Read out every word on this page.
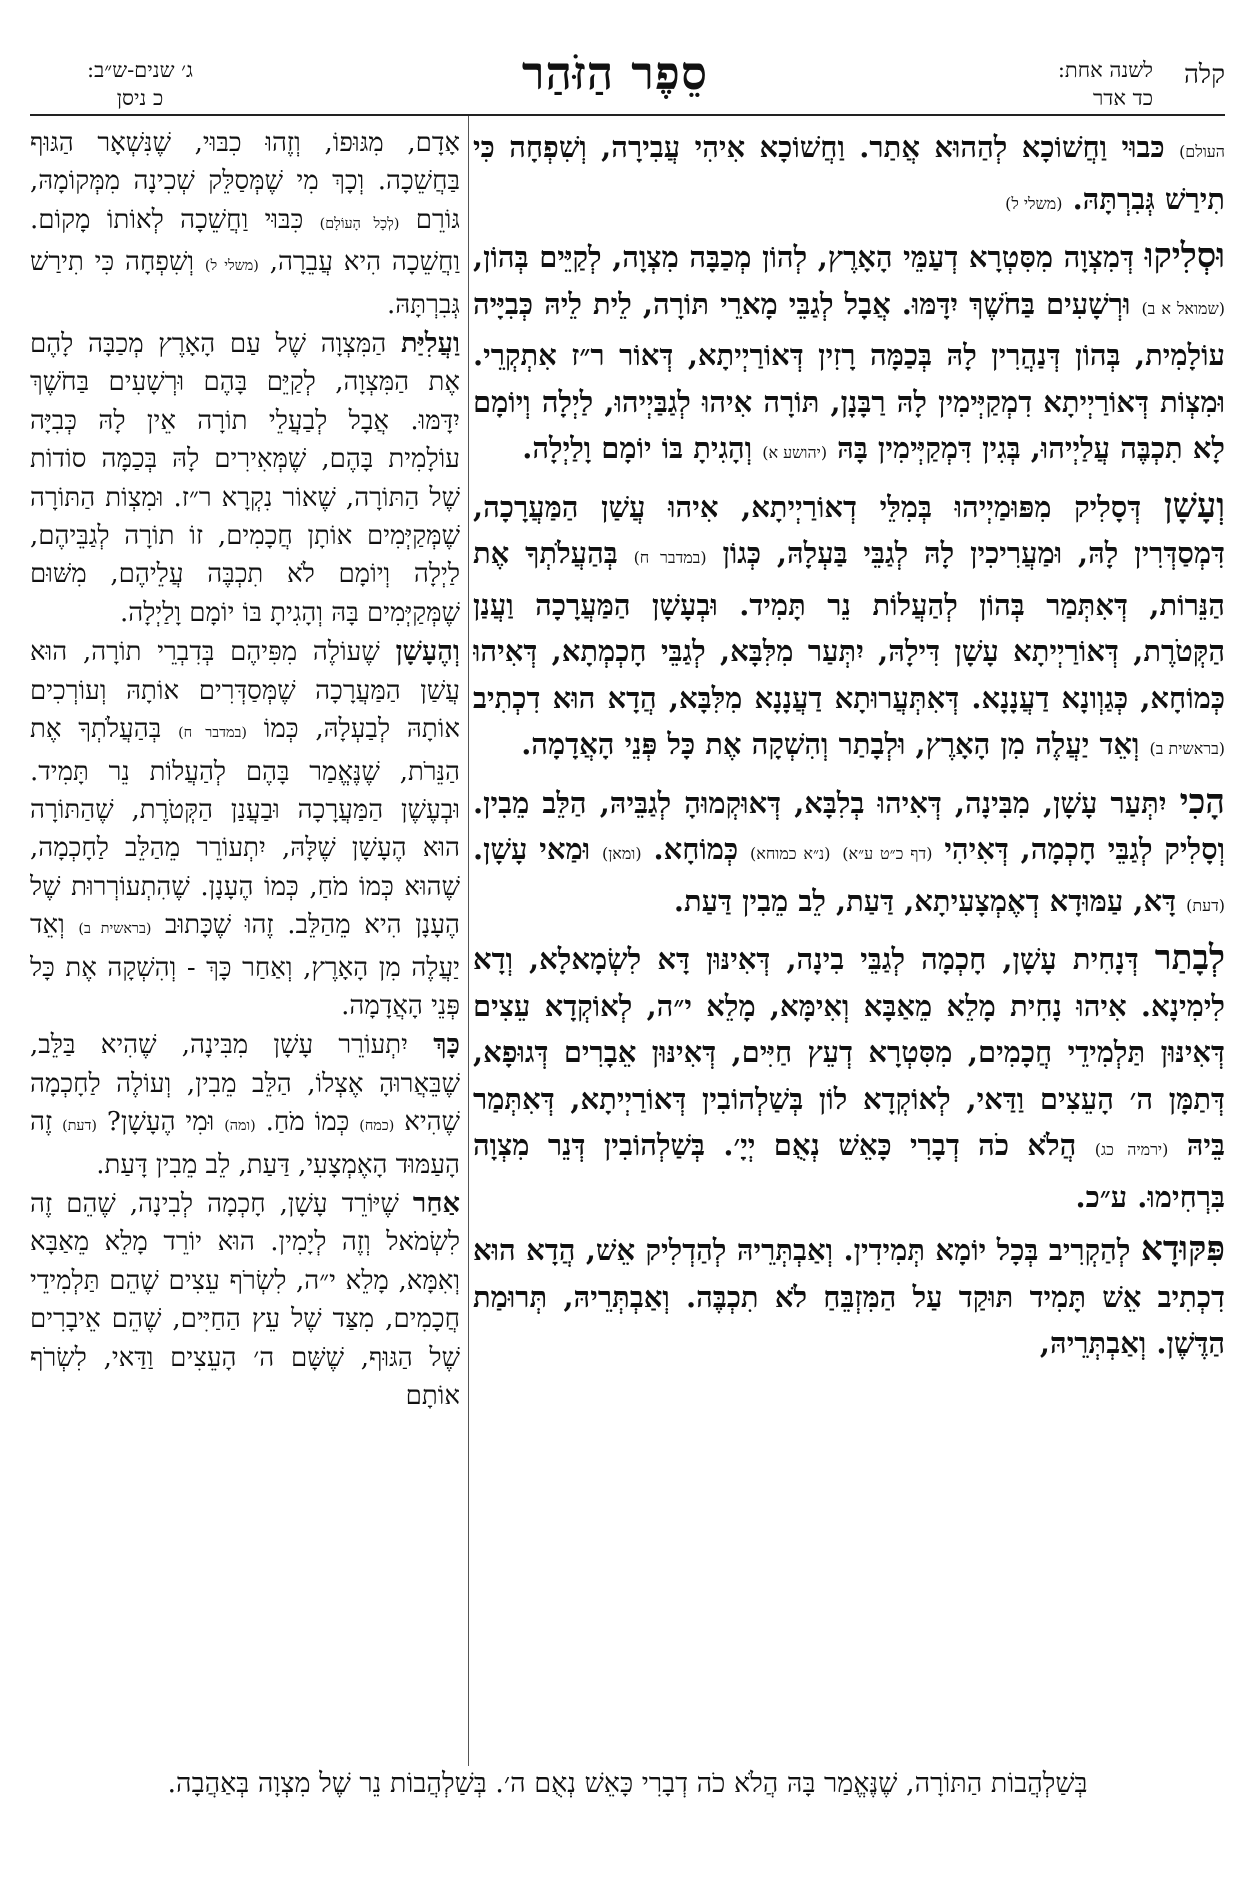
קלה
לשנה אחת:
כד אדר
סֵפֶר הַזֹּהַר
ג׳ שנים-ש״ב:
כ ניסן

העולם) כּבוּי וַחֲשׁוֹכָא לְהַהוּא אֲתַר. וַחֲשׁוֹכָא אִיהִי עֲבִירָה, וְשִׁפְחָה כִּי תִירַשׁ גְּבִרְתָּהּ. (משלי ל)

וּסְלִיקוּ דְּמִצְוָה מִסִּטְרָא דְעַמֵּי הָאָרֶץ, לְהוֹן מְכַבָּה מִצְוָה, לְקַיֵּים בְּהוֹן, (שמואל א ב) וּרְשָׁעִים בַּחֹשֶׁךְ יִדָּמּוּ. אֲבָל לְגַבֵּי מָארֵי תּוֹרָה, לֵית לֵיהּ כְּבִיָּיה עוֹלָמִית, בְּהוֹן דְּנַהֲרִין לָהּ בְּכַמָּה רָזִין דְּאוֹרַיְיתָא, דְּאוֹר ר״ז אִתְקְרֵי. וּמִצְוֹת דְּאוֹרַיְיתָא דִמְקַיְּימִין לָהּ רַבָּנָן, תּוֹרָה אִיהוּ לְגַבַּיְיהוּ, לַיְלָה וְיוֹמָם לָא תִכְבֶּה עֲלַיְיהוּ, בְּגִין דִּמְקַיְּימִין בָּהּ (יהושע א) וְהָגִיתָ בּוֹ יוֹמָם וָלַיְלָה.

וְעָשָׁן דְּסָלִיק מִפּוּמַיְיהוּ בְּמִלֵּי דְאוֹרַיְיתָא, אִיהוּ עֲשַׁן הַמַּעֲרָכָה, דִּמְסַדְּרִין לָהּ, וּמַעֲרִיכִין לָהּ לְגַבֵּי בַּעְלָהּ, כְּגוֹן (במדבר ח) בְּהַעֲלֹתְךָ אֶת הַנֵּרוֹת, דְּאִתְּמַר בְּהוֹן לְהַעֲלוֹת נֵר תָּמִיד. וּבְעָשָׁן הַמַּעֲרָכָה וַעֲנַן הַקְּטֹרֶת, דְּאוֹרַיְיתָא עָשָׁן דִּילָהּ, יִתְּעַר מִלִּבָּא, לְגַבֵּי חָכְמְתָא, דְּאִיהוּ כְּמוֹחָא, כְּגַוְונָא דַעֲנָנָא. דְּאִתְּעֲרוּתָא דַעֲנָנָא מִלִּבָּא, הֲדָא הוּא דִכְתִיב (בראשית ב) וְאֵד יַעֲלֶה מִן הָאָרֶץ, וּלְבָתַר וְהִשְׁקָה אֶת כָּל פְּנֵי הָאֲדָמָה.

הָכִי יִתְּעַר עָשָׁן, מִבִּינָה, דְּאִיהוּ בְלִבָּא, דְּאוּקְמוּהָ לְגַבֵּיהּ, הַלֵּב מֵבִין. וְסָלִיק לְגַבֵּי חָכְמָה, דְּאִיהִי (דף כ״ט ע״א) (נ״א כמוחא) כְּמוֹחָא. (ומאן) וּמַאי עָשָׁן. (דעת) דָּא, עַמּוּדָא דְאֶמְצָעִיתָא, דַּעַת, לֵב מֵבִין דַּעַת.

לְבָתַר דְּנָחִית עָשָׁן, חָכְמָה לְגַבֵּי בִינָה, דְּאִינּוּן דָּא לִשְׂמָאלָא, וְדָא לִימִינָא. אִיהוּ נָחִית מָלֵא מֵאַבָּא וְאִימָּא, מָלֵא י״ה, לְאוֹקְדָא עֵצִים דְּאִינּוּן תַּלְמִידֵי חֲכָמִים, מִסִּטְרָא דְעֵץ חַיִּים, דְּאִינּוּן אֵבָרִים דְּגוּפָא, דְּתַמָּן ה׳ הָעֵצִים וַדַּאי, לְאוֹקְדָא לוֹן בְּשַׁלְהוֹבִין דְּאוֹרַיְיתָא, דְּאִתְּמַר בֵּיהּ (ירמיה כג) הֲלֹא כֹה דְבָרִי כָּאֵשׁ נְאֻם יְיָ׳. בְּשַׁלְהוֹבִין דְּנֵר מִצְוָה בִּרְחִימוּ. ע״כ.

פִּקּוּדָא לְהַקְרִיב בְּכָל יוֹמָא תְּמִידִין. וְאַבְתְּרֵיהּ לְהַדְלִיק אֵשׁ, הֲדָא הוּא דִכְתִיב אֵשׁ תָּמִיד תּוּקַד עַל הַמִּזְבֵּחַ לֹא תִכְבֶּה. וְאַבְתְּרֵיהּ, תְּרוּמַת הַדֶּשֶׁן. וְאַבְתְּרֵיהּ,

אָדָם, מִגּוּפוֹ, וְזֶהוּ כִבּוּי, שֶׁנִּשְׁאָר הַגּוּף בַּחֲשֵׁכָה. וְכָךְ מִי שֶׁמְּסַלֵּק שְׁכִינָה מִמְּקוֹמָהּ, גּוֹרֵם (לְכָל הָעוֹלָם) כִּבּוּי וַחֲשֵׁכָה לְאוֹתוֹ מָקוֹם. וַחֲשֵׁכָה הִיא עֲבֵרָה, (משלי ל) וְשִׁפְחָה כִּי תִירַשׁ גְּבִרְתָּהּ.

וַעֲלִיַּת הַמִּצְוָה שֶׁל עַם הָאָרֶץ מְכַבָּה לָהֶם אֶת הַמִּצְוָה, לְקַיֵּם בָּהֶם וּרְשָׁעִים בַּחֹשֶׁךְ יִדָּמּוּ. אֲבָל לְבַעֲלֵי תוֹרָה אֵין לָהּ כְּבִיָּה עוֹלָמִית בָּהֶם, שֶׁמְּאִירִים לָהּ בְּכַמָּה סוֹדוֹת שֶׁל הַתּוֹרָה, שֶׁאוֹר נִקְרָא ר״ז. וּמִצְוֹת הַתּוֹרָה שֶׁמְּקַיְּמִים אוֹתָן חֲכָמִים, זוֹ תוֹרָה לְגַבֵּיהֶם, לַיְלָה וְיוֹמָם לֹא תִכְבֶּה עֲלֵיהֶם, מִשּׁוּם שֶׁמְּקַיְּמִים בָּהּ וְהָגִיתָ בּוֹ יוֹמָם וָלַיְלָה.

וְהֶעָשָׁן שֶׁעוֹלֶה מִפִּיהֶם בְּדִבְרֵי תוֹרָה, הוּא עֲשַׁן הַמַּעֲרָכָה שֶׁמְּסַדְּרִים אוֹתָהּ וְעוֹרְכִים אוֹתָהּ לְבַעְלָהּ, כְּמוֹ (במדבר ח) בְּהַעֲלֹתְךָ אֶת הַנֵּרֹת, שֶׁנֶּאֱמַר בָּהֶם לְהַעֲלוֹת נֵר תָּמִיד. וּבְעֶשֶׁן הַמַּעֲרָכָה וּבַעֲנַן הַקְּטֹרֶת, שֶׁהַתּוֹרָה הוּא הֶעָשָׁן שֶׁלָּהּ, יִתְעוֹרֵר מֵהַלֵּב לַחָכְמָה, שֶׁהוּא כְּמוֹ מֹחַ, כְּמוֹ הֶעָנָן. שֶׁהִתְעוֹרְרוּת שֶׁל הֶעָנָן הִיא מֵהַלֵּב. זֶהוּ שֶׁכָּתוּב (בראשית ב) וְאֵד יַעֲלֶה מִן הָאָרֶץ, וְאַחַר כָּךְ - וְהִשְׁקָה אֶת כָּל פְּנֵי הָאֲדָמָה.

כָּךְ יִתְעוֹרֵר עָשָׁן מִבִּינָה, שֶׁהִיא בַּלֵּב, שֶׁבֵּאֲרוּהָ אֶצְלוֹ, הַלֵּב מֵבִין, וְעוֹלֶה לַחָכְמָה שֶׁהִיא (כמח) כְּמוֹ מֹחַ. (ומה) וּמִי הֶעָשָׁן? (דעת) זֶה הָעַמּוּד הָאֶמְצָעִי, דַּעַת, לֵב מֵבִין דָּעַת.

אַחַר שֶׁיּוֹרֵד עָשָׁן, חָכְמָה לְבִינָה, שֶׁהֵם זֶה לִשְׂמֹאל וְזֶה לְיָמִין. הוּא יוֹרֵד מָלֵא מֵאַבָּא וְאִמָּא, מָלֵא י״ה, לִשְׂרֹף עֵצִים שֶׁהֵם תַּלְמִידֵי חֲכָמִים, מִצַּד שֶׁל עֵץ הַחַיִּים, שֶׁהֵם אֵיבָרִים שֶׁל הַגּוּף, שֶׁשָּׁם ה׳ הָעֵצִים וַדַּאי, לִשְׂרֹף אוֹתָם

בְּשַׁלְהֲבוֹת הַתּוֹרָה, שֶׁנֶּאֱמַר בָּהּ הֲלֹא כֹה דְבָרִי כָּאֵשׁ נְאֻם ה׳. בְּשַׁלְהֲבוֹת נֵר שֶׁל מִצְוָה בְּאַהֲבָה.
